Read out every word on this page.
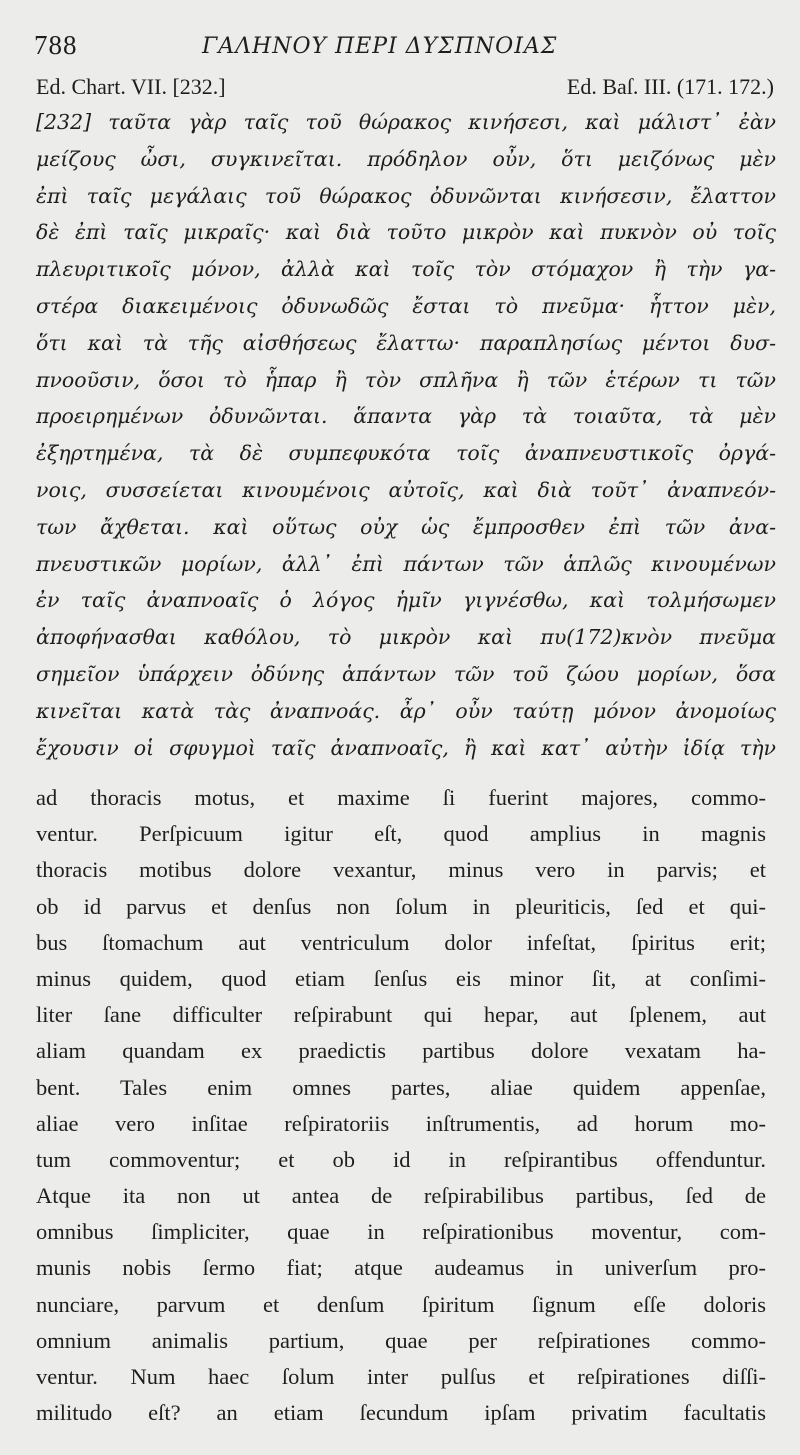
788	ΓΑΛΗΝΟΥ ΠΕΡΙ ΔΥΣΠΝΟΙΑΣ
Ed. Chart. VII. [232.]	Ed. Baſ. III. (171. 172.)
[232] ταῦτα γὰρ ταῖς τοῦ θώρακος κινήσεσι, καὶ μάλιστ᾽ ἐὰν
μείζους ὦσι, συγκινεῖται. πρόδηλον οὖν, ὅτι μειζόνως μὲν
ἐπὶ ταῖς μεγάλαις τοῦ θώρακος ὀδυνῶνται κινήσεσιν, ἔλαττον
δὲ ἐπὶ ταῖς μικραῖς· καὶ διὰ τοῦτο μικρὸν καὶ πυκνὸν οὐ τοῖς
πλευριτικοῖς μόνον, ἀλλὰ καὶ τοῖς τὸν στόμαχον ἢ τὴν γα-
στέρα διακειμένοις ὀδυνωδῶς ἔσται τὸ πνεῦμα· ἧττον μὲν,
ὅτι καὶ τὰ τῆς αἰσθήσεως ἔλαττω· παραπλησίως μέντοι δυσ-
πνοοῦσιν, ὅσοι τὸ ἧπαρ ἢ τὸν σπλῆνα ἢ τῶν ἑτέρων τι τῶν
προειρημένων ὀδυνῶνται. ἅπαντα γὰρ τὰ τοιαῦτα, τὰ μὲν
ἐξηρτημένα, τὰ δὲ συμπεφυκότα τοῖς ἀναπνευστικοῖς ὀργά-
νοις, συσσείεται κινουμένοις αὐτοῖς, καὶ διὰ τοῦτ᾽ ἀναπνεόν-
των ἄχθεται. καὶ οὕτως οὐχ ὡς ἔμπροσθεν ἐπὶ τῶν ἀνα-
πνευστικῶν μορίων, ἀλλ᾽ ἐπὶ πάντων τῶν ἁπλῶς κινουμένων
ἐν ταῖς ἀναπνοαῖς ὁ λόγος ἡμῖν γιγνέσθω, καὶ τολμήσωμεν
ἀποφήνασθαι καθόλου, τὸ μικρὸν καὶ πυ(172)κνὸν πνεῦμα
σημεῖον ὑπάρχειν ὀδύνης ἁπάντων τῶν τοῦ ζώου μορίων, ὅσα
κινεῖται κατὰ τὰς ἀναπνοάς. ἆρ᾽ οὖν ταύτῃ μόνον ἀνομοίως
ἔχουσιν οἱ σφυγμοὶ ταῖς ἀναπνοαῖς, ἢ καὶ κατ᾽ αὐτὴν ἰδίᾳ τὴν
ad thoracis motus, et maxime ſi fuerint majores, commo-
ventur. Perſpicuum igitur eſt, quod amplius in magnis
thoracis motibus dolore vexantur, minus vero in parvis; et
ob id parvus et denſus non ſolum in pleuriticis, ſed et qui-
bus ſtomachum aut ventriculum dolor infeſtat, ſpiritus erit;
minus quidem, quod etiam ſenſus eis minor ſit, at conſimi-
liter ſane difficulter reſpirabunt qui hepar, aut ſplenem, aut
aliam quandam ex praedictis partibus dolore vexatam ha-
bent. Tales enim omnes partes, aliae quidem appenſae,
aliae vero inſitae reſpiratoriis inſtrumentis, ad horum mo-
tum commoventur; et ob id in reſpirantibus offenduntur.
Atque ita non ut antea de reſpirabilibus partibus, ſed de
omnibus ſimpliciter, quae in reſpirationibus moventur, com-
munis nobis ſermo fiat; atque audeamus in univerſum pro-
nunciare, parvum et denſum ſpiritum ſignum eſſe doloris
omnium animalis partium, quae per reſpirationes commo-
ventur. Num haec ſolum inter pulſus et reſpirationes diſſi-
militudo eſt? an etiam ſecundum ipſam privatim facultatis
